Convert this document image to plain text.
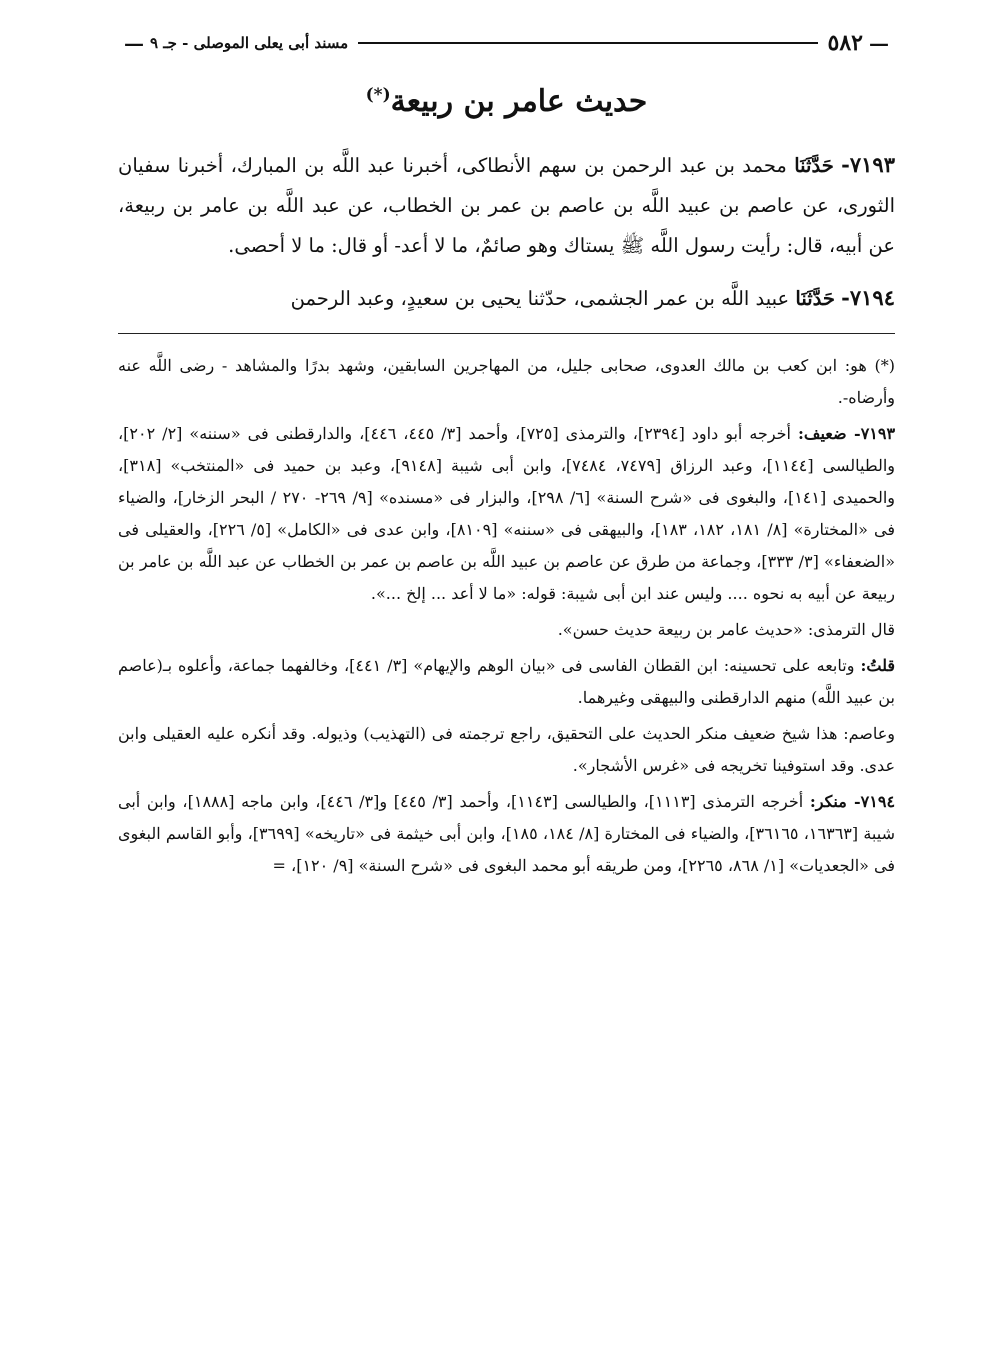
—
٥٨٢
مسند أبى يعلى الموصلى - جـ ٩
—
حديث عامر بن ربيعة(*)

٧١٩٣- حَدَّثَنَا محمد بن عبد الرحمن بن سهم الأنطاكى، أخبرنا عبد اللَّه بن المبارك، أخبرنا سفيان الثورى، عن عاصم بن عبيد اللَّه بن عاصم بن عمر بن الخطاب، عن عبد اللَّه بن عامر بن ربيعة، عن أبيه، قال: رأيت رسول اللَّه ﷺ يستاك وهو صائمٌ، ما لا أعد- أو قال: ما لا أحصى.

٧١٩٤- حَدَّثَنَا عبيد اللَّه بن عمر الجشمى، حدّثنا يحيى بن سعيدٍ، وعبد الرحمن

(*) هو: ابن كعب بن مالك العدوى، صحابى جليل، من المهاجرين السابقين، وشهد بدرًا والمشاهد - رضى اللَّه عنه وأرضاه-.

٧١٩٣- ضعيف: أخرجه أبو داود [٢٣٩٤]، والترمذى [٧٢٥]، وأحمد [٣/ ٤٤٥، ٤٤٦]، والدارقطنى فى «سننه» [٢/ ٢٠٢]، والطيالسى [١١٤٤]، وعبد الرزاق [٧٤٧٩، ٧٤٨٤]، وابن أبى شيبة [٩١٤٨]، وعبد بن حميد فى «المنتخب» [٣١٨]، والحميدى [١٤١]، والبغوى فى «شرح السنة» [٦/ ٢٩٨]، والبزار فى «مسنده» [٩/ ٢٦٩- ٢٧٠ / البحر الزخار]، والضياء فى «المختارة» [٨/ ١٨١، ١٨٢، ١٨٣]، والبيهقى فى «سننه» [٨١٠٩]، وابن عدى فى «الكامل» [٥/ ٢٢٦]، والعقيلى فى «الضعفاء» [٣/ ٣٣٣]، وجماعة من طرق عن عاصم بن عبيد اللَّه بن عاصم بن عمر بن الخطاب عن عبد اللَّه بن عامر بن ربيعة عن أبيه به نحوه .... وليس عند ابن أبى شيبة: قوله: «ما لا أعد ... إلخ ...».

قال الترمذى: «حديث عامر بن ربيعة حديث حسن».

قلتُ: وتابعه على تحسينه: ابن القطان الفاسى فى «بيان الوهم والإيهام» [٣/ ٤٤١]، وخالفهما جماعة، وأعلوه بـ(عاصم بن عبيد اللَّه) منهم الدارقطنى والبيهقى وغيرهما.

وعاصم: هذا شيخ ضعيف منكر الحديث على التحقيق، راجع ترجمته فى (التهذيب) وذيوله. وقد أنكره عليه العقيلى وابن عدى. وقد استوفينا تخريجه فى «غرس الأشجار».

٧١٩٤- منكر: أخرجه الترمذى [١١١٣]، والطيالسى [١١٤٣]، وأحمد [٣/ ٤٤٥] و[٣/ ٤٤٦]، وابن ماجه [١٨٨٨]، وابن أبى شيبة [١٦٣٦٣، ٣٦١٦٥]، والضياء فى المختارة [٨/ ١٨٤، ١٨٥]، وابن أبى خيثمة فى «تاريخه» [٣٦٩٩]، وأبو القاسم البغوى فى «الجعديات» [١/ ٨٦٨، ٢٢٦٥]، ومن طريقه أبو محمد البغوى فى «شرح السنة» [٩/ ١٢٠]، =
